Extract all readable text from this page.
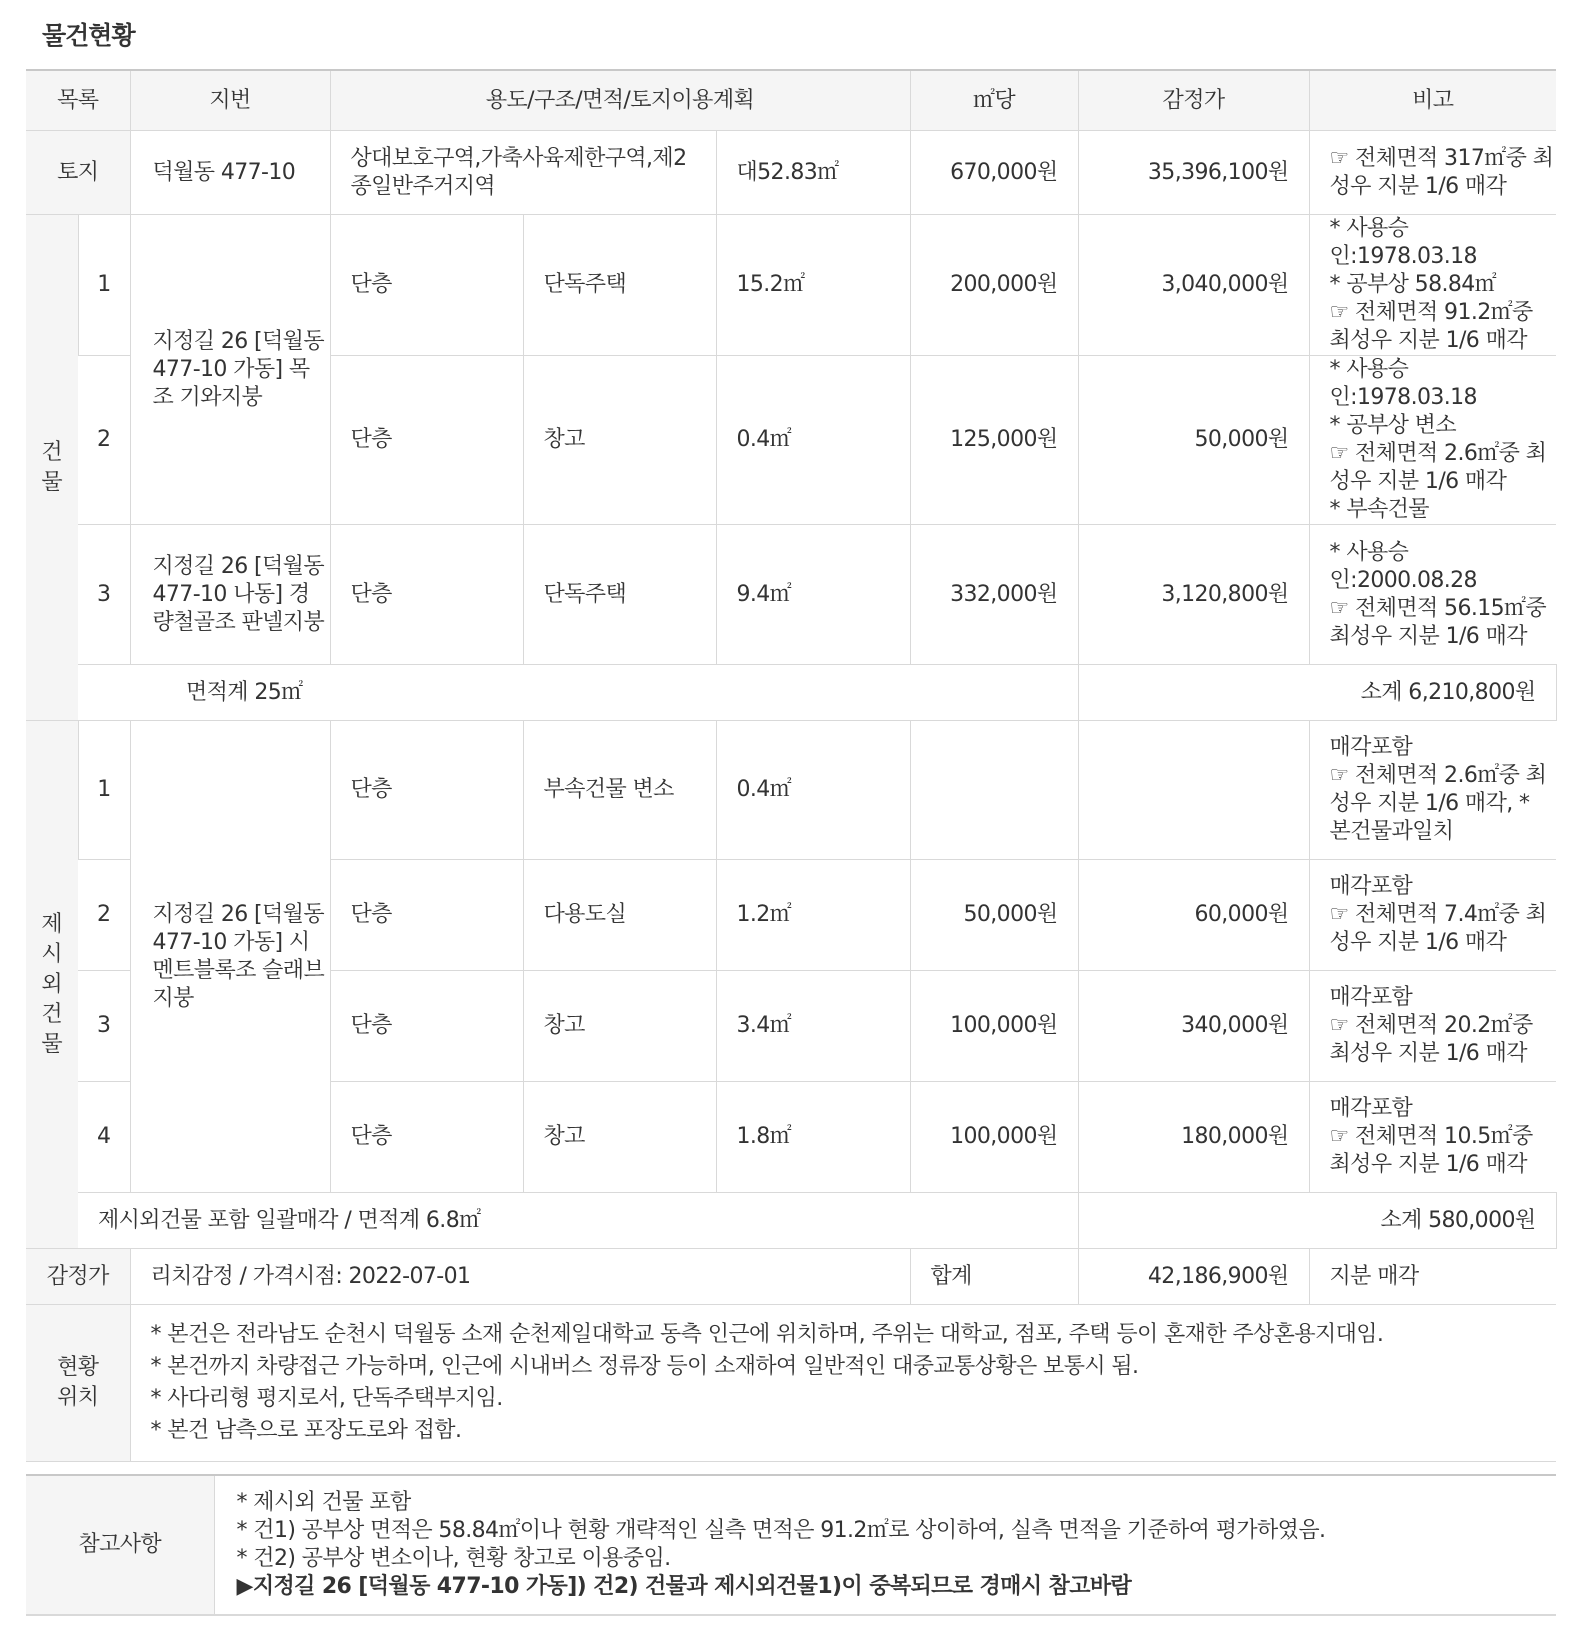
물건현황
목록		지번	용도/구조/면적/토지이용계획			㎡당	감정가	비고	
토지		덕월동 477-10	상대보호구역,가축사육제한구역,제2종일반주거지역		대52.83㎡	670,000원	35,396,100원	☞ 전체면적 317㎡중 최성우 지분 1/6 매각	
건물	1	지정길 26 [덕월동 477-10 가동] 목조 기와지붕	단층	단독주택	15.2㎡	200,000원	3,040,000원	* 사용승인:1978.03.18
* 공부상 58.84㎡
☞ 전체면적 91.2㎡중 최성우 지분 1/6 매각	

	2		단층	창고	0.4㎡	125,000원	50,000원	* 사용승인:1978.03.18
* 공부상 변소
☞ 전체면적 2.6㎡중 최성우 지분 1/6 매각
* 부속건물	

	3	지정길 26 [덕월동 477-10 나동] 경량철골조 판넬지붕	단층	단독주택	9.4㎡	332,000원	3,120,800원	* 사용승인:2000.08.28
☞ 전체면적 56.15㎡중 최성우 지분 1/6 매각	

	면적계 25㎡						소계 6,210,800원		
제시외건물	1	지정길 26 [덕월동 477-10 가동] 시멘트블록조 슬래브지붕	단층	부속건물 변소	0.4㎡			매각포함
☞ 전체면적 2.6㎡중 최성우 지분 1/6 매각, * 본건물과일치	

	2		단층	다용도실	1.2㎡	50,000원	60,000원	매각포함
☞ 전체면적 7.4㎡중 최성우 지분 1/6 매각	

	3		단층	창고	3.4㎡	100,000원	340,000원	매각포함
☞ 전체면적 20.2㎡중 최성우 지분 1/6 매각	

	4		단층	창고	1.8㎡	100,000원	180,000원	매각포함
☞ 전체면적 10.5㎡중 최성우 지분 1/6 매각	

	제시외건물 포함 일괄매각 / 면적계 6.8㎡						소계 580,000원		
감정가		리치감정 / 가격시점: 2022-07-01				합계	42,186,900원	지분 매각	
현황위치		* 본건은 전라남도 순천시 덕월동 소재 순천제일대학교 동측 인근에 위치하며, 주위는 대학교, 점포, 주택 등이 혼재한 주상혼용지대임.
* 본건까지 차량접근 가능하며, 인근에 시내버스 정류장 등이 소재하여 일반적인 대중교통상황은 보통시 됨.
* 사다리형 평지로서, 단독주택부지임.
* 본건 남측으로 포장도로와 접함.							
참고사항	
* 제시외 건물 포함
* 건1) 공부상 면적은 58.84㎡이나 현황 개략적인 실측 면적은 91.2㎡로 상이하여, 실측 면적을 기준하여 평가하였음.
* 건2) 공부상 변소이나, 현황 창고로 이용중임.
▶지정길 26 [덕월동 477-10 가동]) 건2) 건물과 제시외건물1)이 중복되므로 경매시 참고바람
